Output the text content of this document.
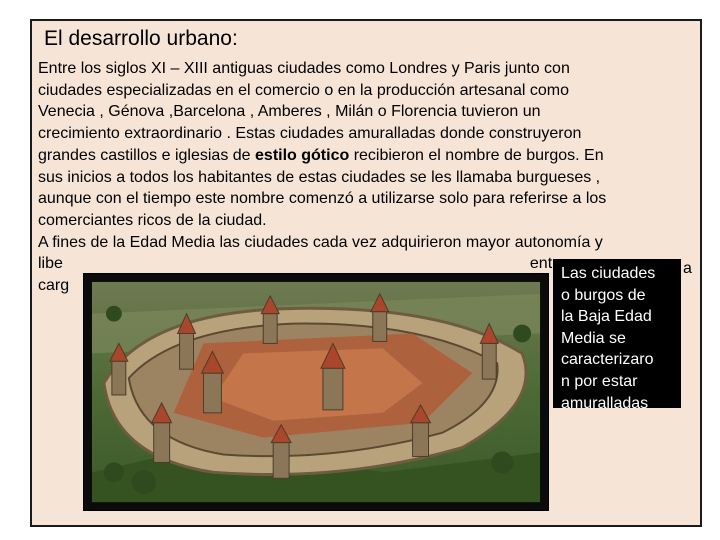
El desarrollo urbano:
Entre los siglos XI – XIII antiguas ciudades como Londres y Paris junto con
ciudades especializadas en el comercio o en la producción artesanal como
Venecia , Génova ,Barcelona , Amberes , Milán o Florencia tuvieron un
crecimiento extraordinario . Estas ciudades amuralladas donde construyeron
grandes castillos e iglesias de estilo gótico recibieron el nombre de burgos. En
sus inicios a todos los habitantes de estas ciudades se les llamaba burgueses ,
aunque con el tiempo este nombre comenzó a utilizarse solo para referirse a los
comerciantes ricos de la ciudad.
A fines de la Edad Media las ciudades cada vez adquirieron mayor autonomía y
libe	ent
carg
Las ciudades
o burgos de
la Baja Edad
Media se
caracterizaro
n por estar
amuralladas
a
